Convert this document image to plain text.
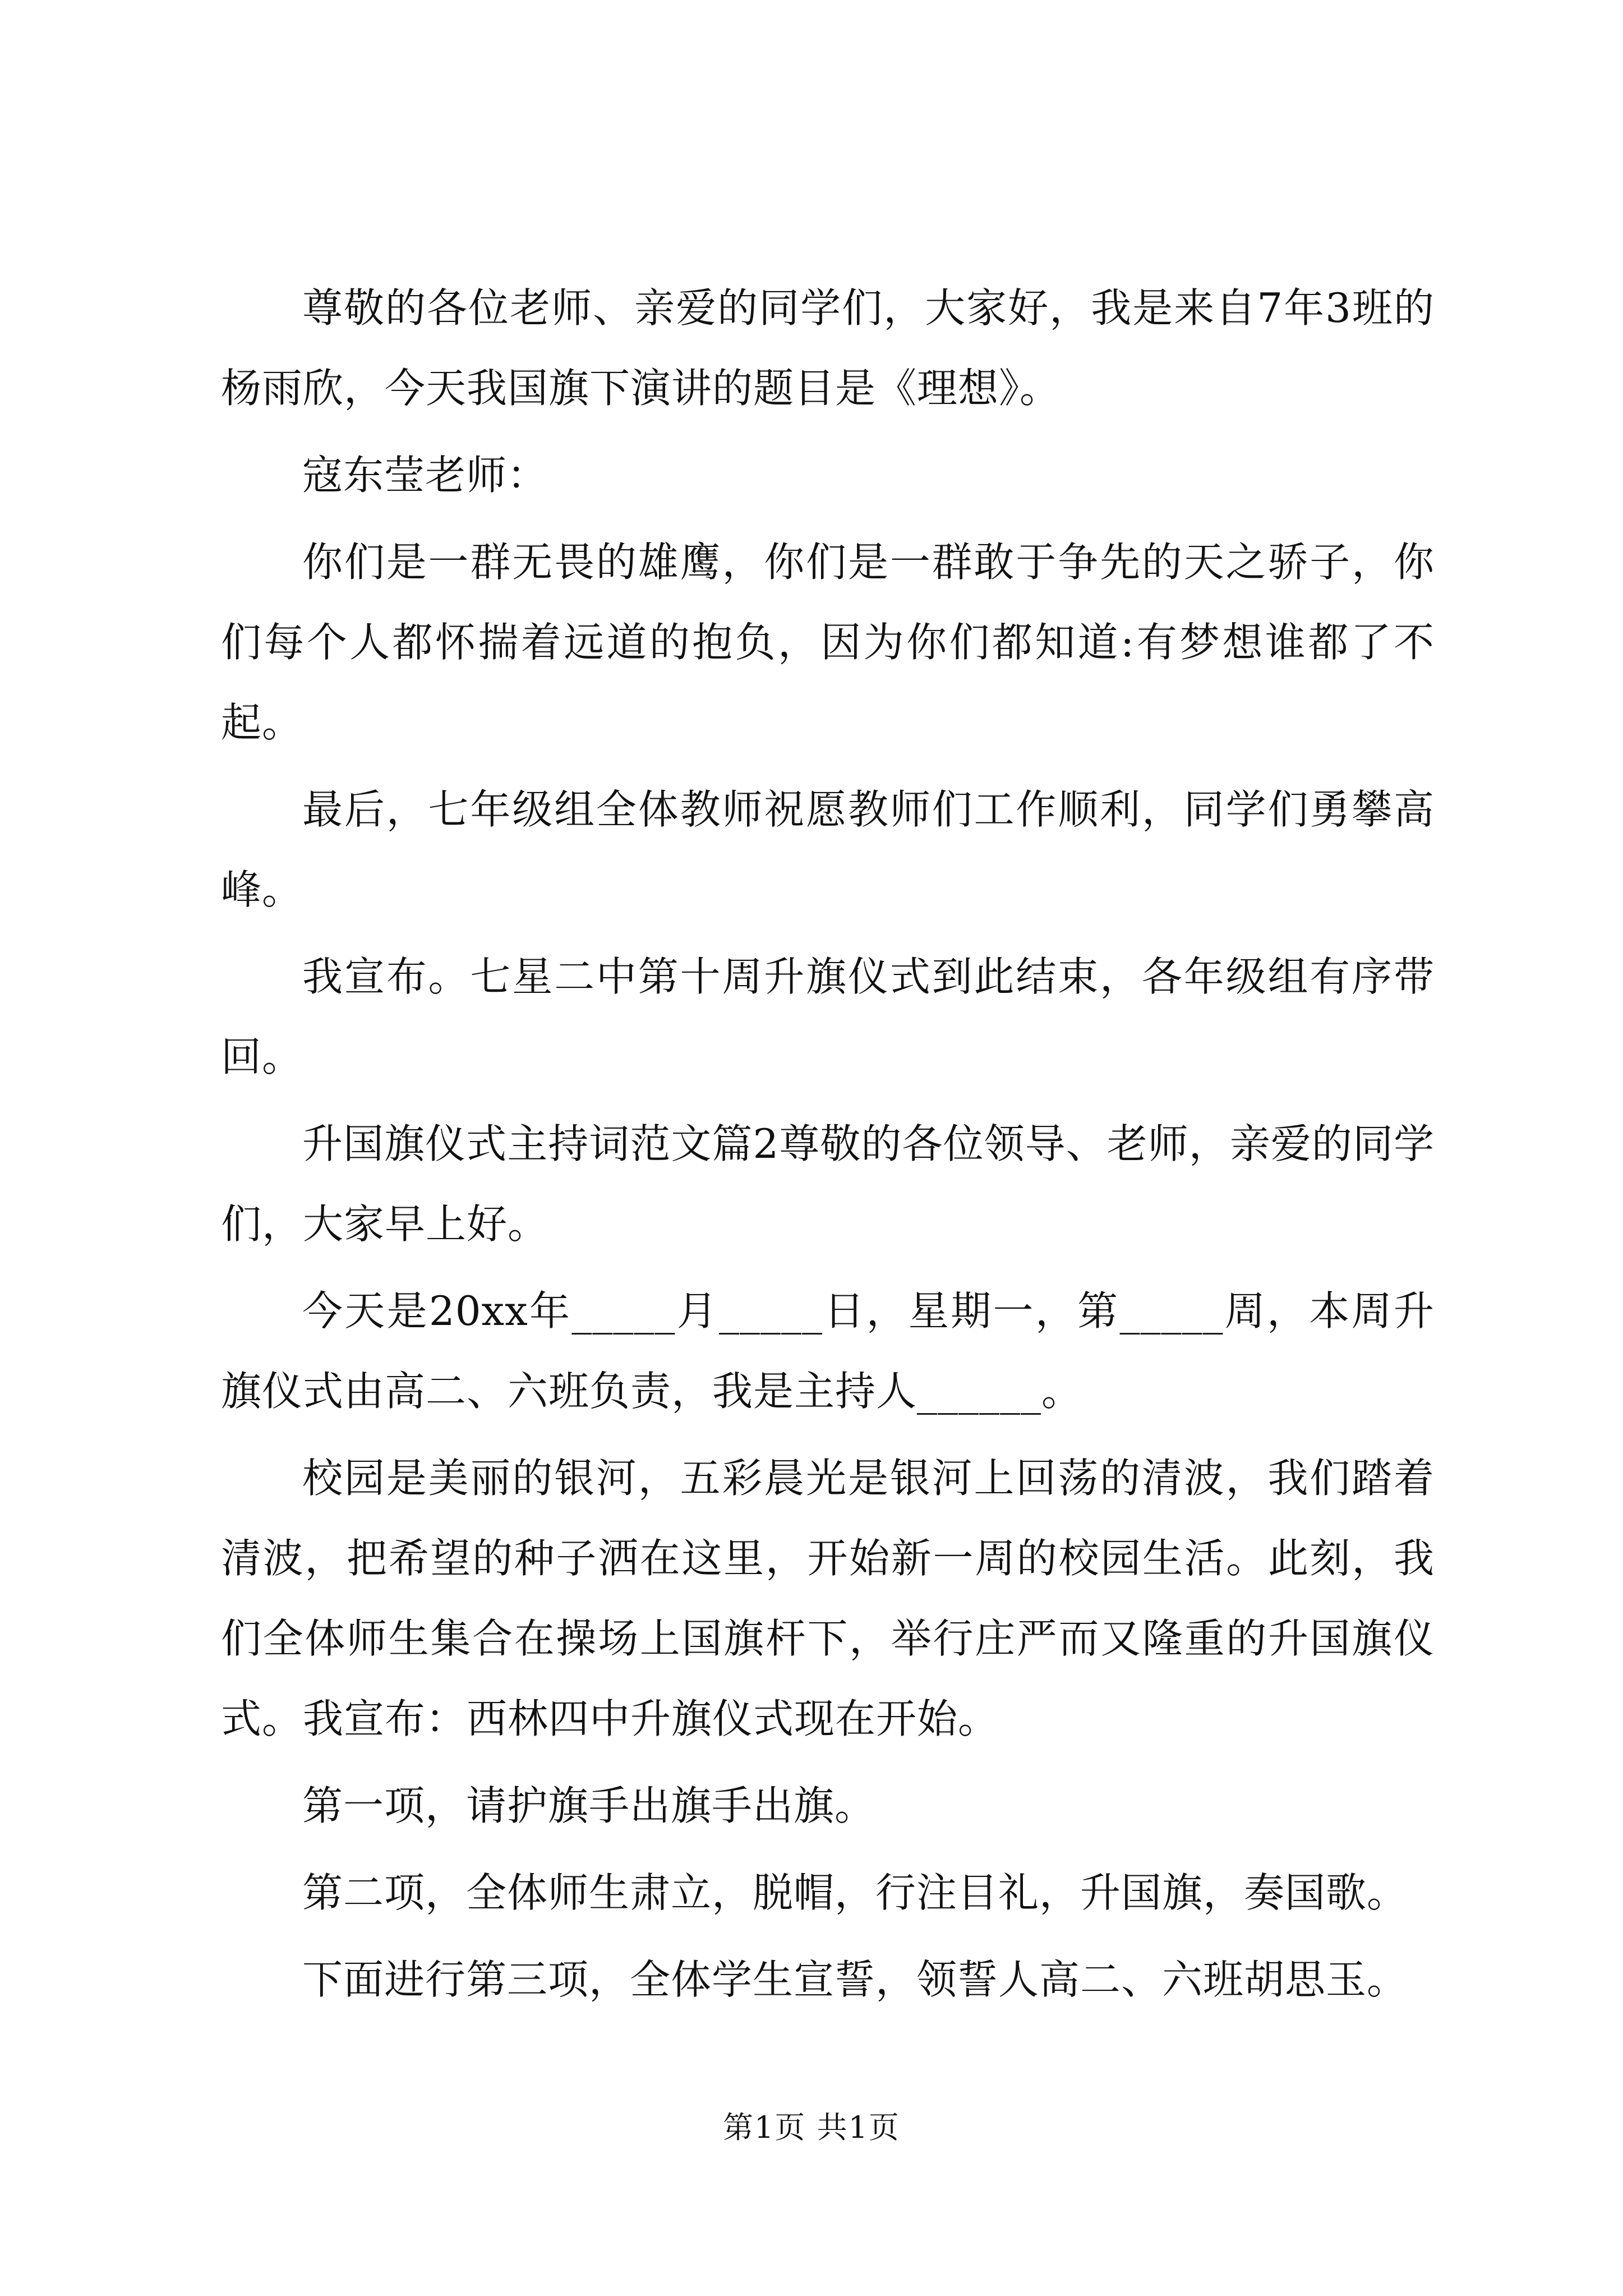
尊敬的各位老师、亲爱的同学们，大家好，我是来自7年3班的杨雨欣，今天我国旗下演讲的题目是《理想》。

寇东莹老师：

你们是一群无畏的雄鹰，你们是一群敢于争先的天之骄子，你们每个人都怀揣着远道的抱负，因为你们都知道:有梦想谁都了不起。

最后，七年级组全体教师祝愿教师们工作顺利，同学们勇攀高峰。

我宣布。七星二中第十周升旗仪式到此结束，各年级组有序带回。

升国旗仪式主持词范文篇2尊敬的各位领导、老师，亲爱的同学们，大家早上好。

今天是20xx年_____月_____日，星期一，第_____周，本周升旗仪式由高二、六班负责，我是主持人______。

校园是美丽的银河，五彩晨光是银河上回荡的清波，我们踏着清波，把希望的种子洒在这里，开始新一周的校园生活。此刻，我们全体师生集合在操场上国旗杆下，举行庄严而又隆重的升国旗仪式。我宣布：西林四中升旗仪式现在开始。

第一项，请护旗手出旗手出旗。

第二项，全体师生肃立，脱帽，行注目礼，升国旗，奏国歌。

下面进行第三项，全体学生宣誓，领誓人高二、六班胡思玉。

第1页 共1页
